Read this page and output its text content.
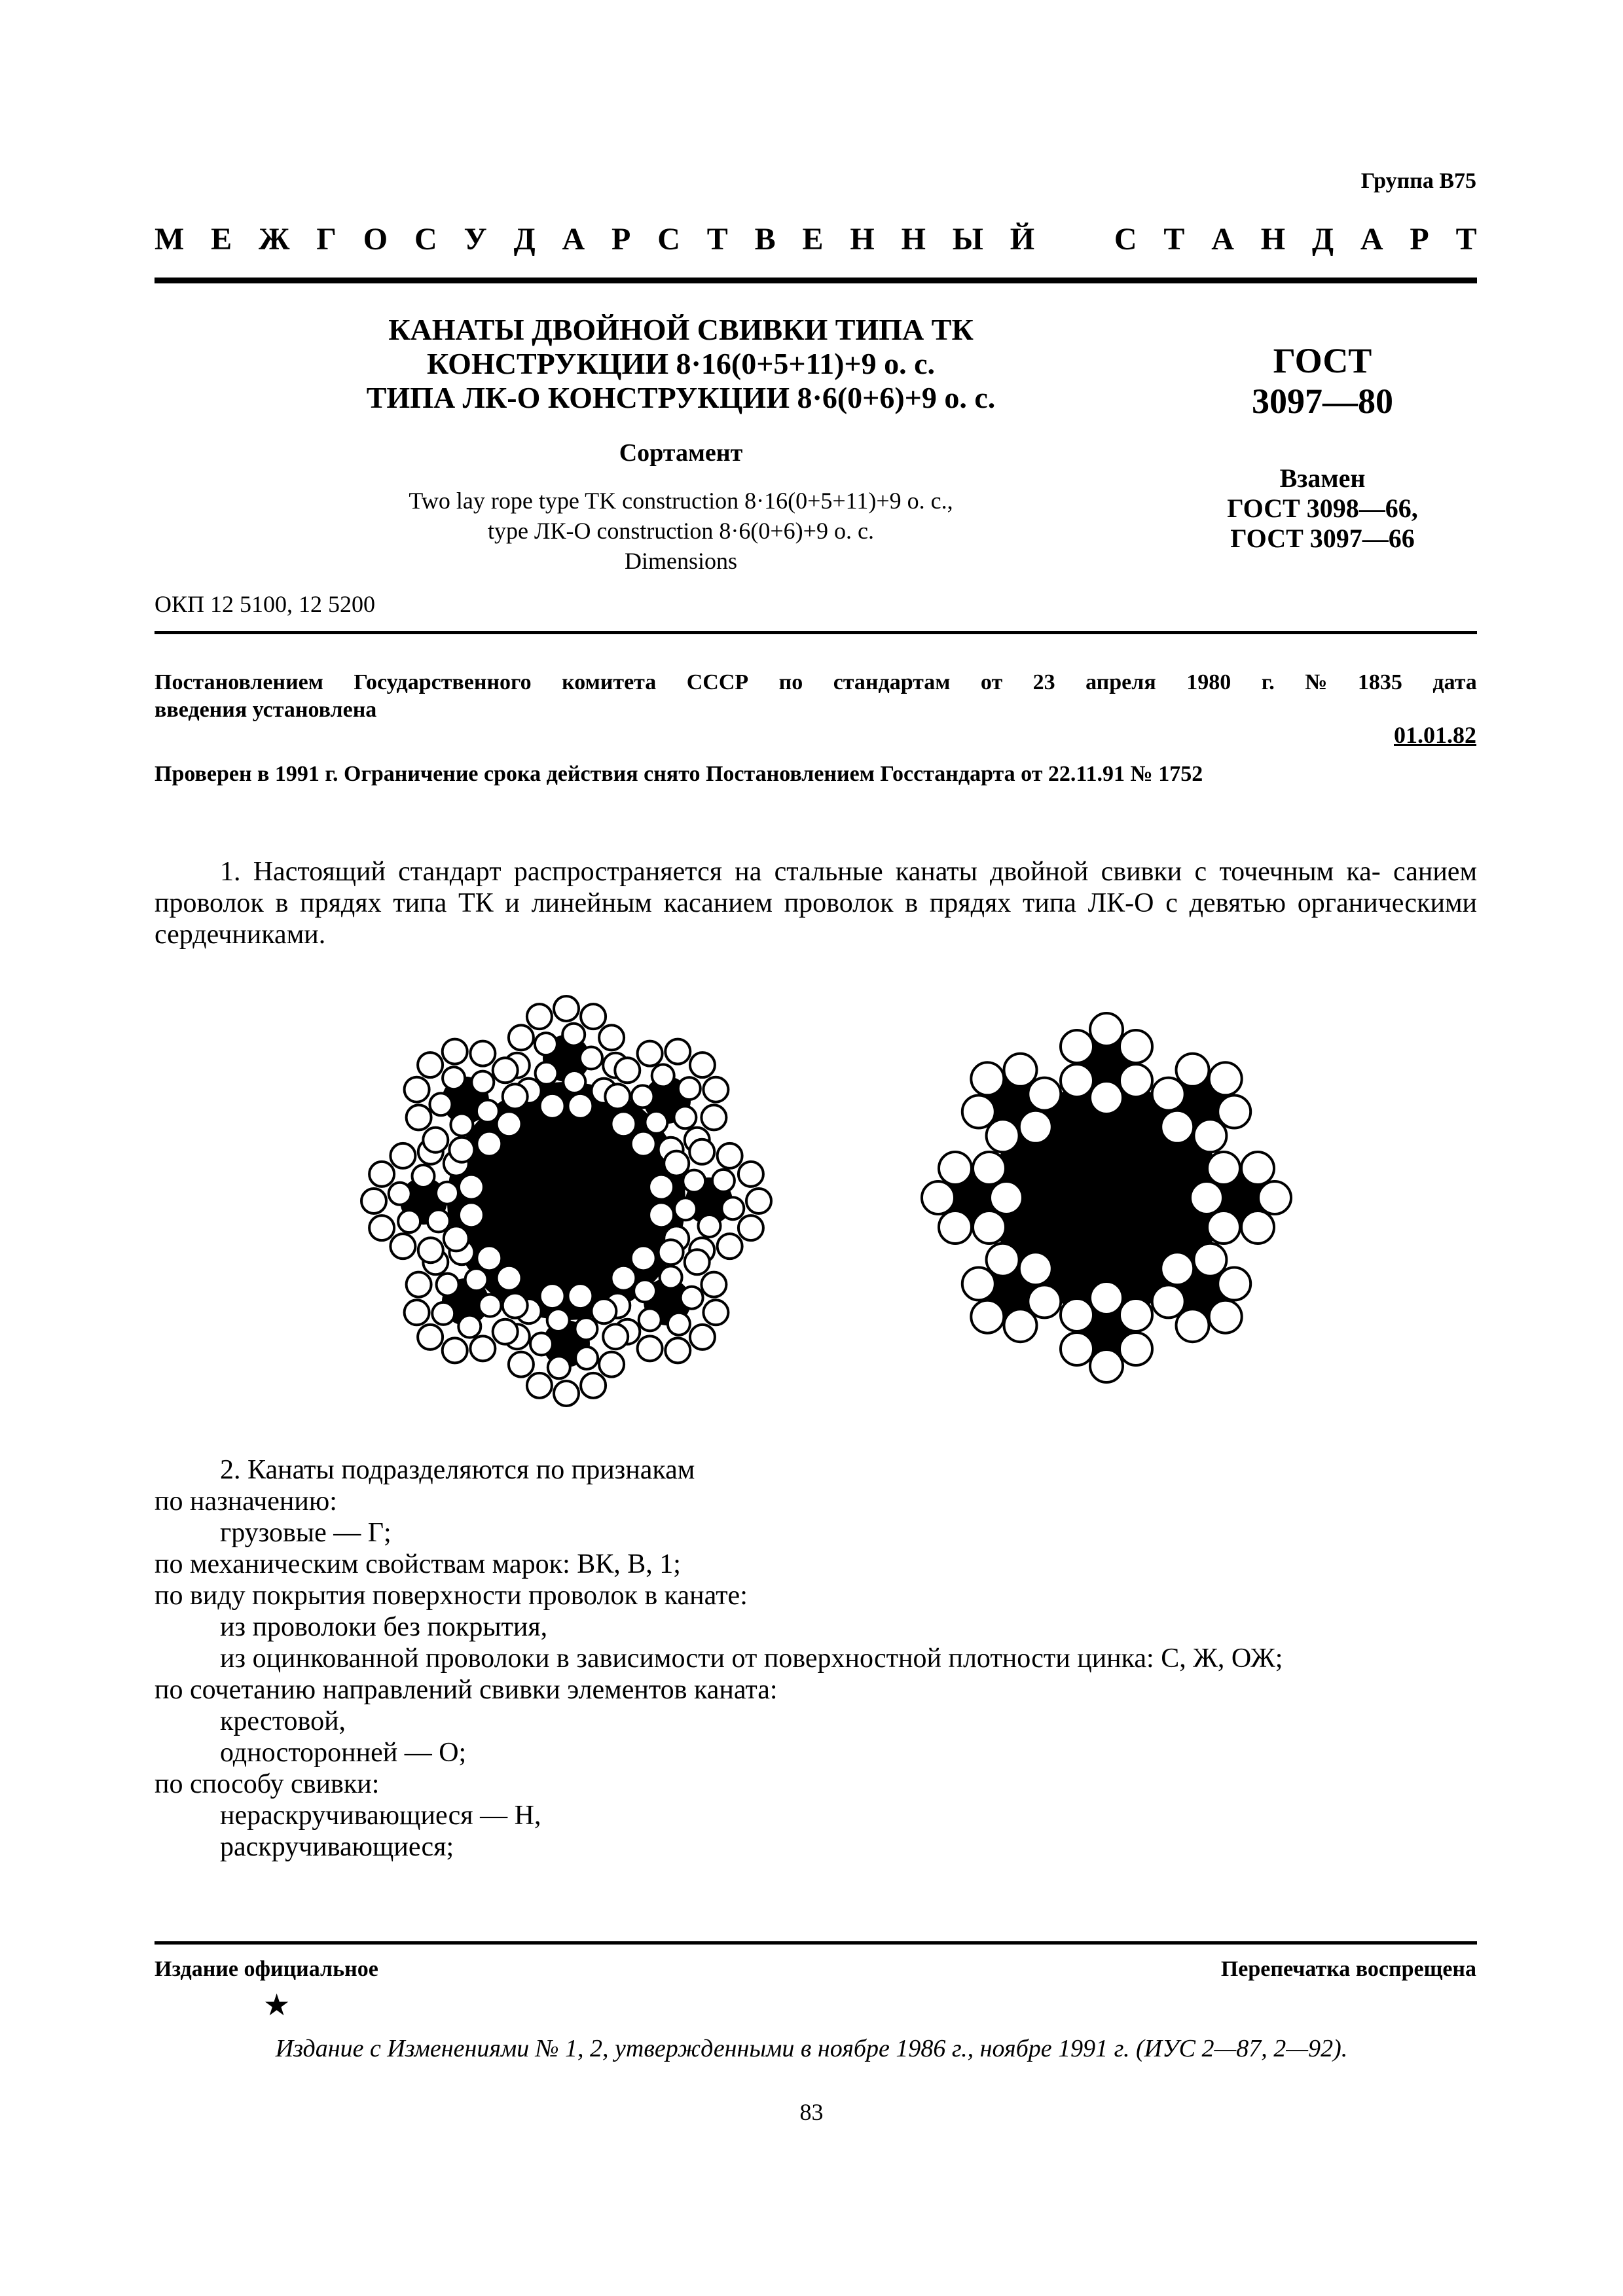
Группа В75
М Е Ж Г О С У Д А Р С Т В Е Н Н Ы Й	С Т А Н Д А Р Т
КАНАТЫ ДВОЙНОЙ СВИВКИ ТИПА ТК
КОНСТРУКЦИИ 8·16(0+5+11)+9 о. с.
ТИПА ЛК-О КОНСТРУКЦИИ 8·6(0+6)+9 о. с.
Сортамент
Two lay rope type TK construction 8·16(0+5+11)+9 o. c.,
type ЛК-О construction 8·6(0+6)+9 o. c.
Dimensions
ГОСТ
3097—80
Взамен
ГОСТ 3098—66,
ГОСТ 3097—66
ОКП 12 5100, 12 5200
Постановлением Государственного комитета СССР по стандартам от 23 апреля 1980 г. № 1835 дата
введения установлена
01.01.82
Проверен в 1991 г. Ограничение срока действия снято Постановлением Госстандарта от 22.11.91 № 1752
1. Настоящий стандарт распространяется на стальные канаты двойной свивки с точечным ка- санием проволок в прядях типа ТК и линейным касанием проволок в прядях типа ЛК-О с девятью органическими сердечниками.
2. Канаты подразделяются по признакам
по назначению:
грузовые — Г;
по механическим свойствам марок: ВК, В, 1;
по виду покрытия поверхности проволок в канате:
из проволоки без покрытия,
из оцинкованной проволоки в зависимости от поверхностной плотности цинка: С, Ж, ОЖ;
по сочетанию направлений свивки элементов каната:
крестовой,
односторонней — О;
по способу свивки:
нераскручивающиеся — Н,
раскручивающиеся;
Издание официальное	Перепечатка воспрещена
★
Издание с Изменениями № 1, 2, утвержденными в ноябре 1986 г., ноябре 1991 г. (ИУС 2—87, 2—92).
83
